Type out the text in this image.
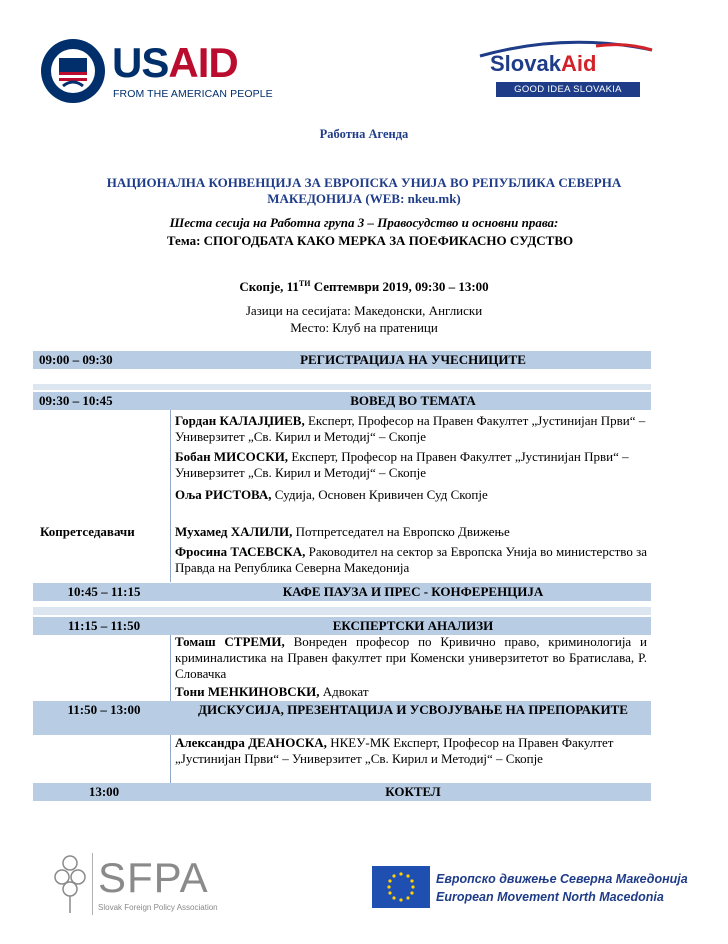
USAID
FROM THE AMERICAN PEOPLE
SlovakAid
GOOD IDEA SLOVAKIA
Работна Агенда
НАЦИОНАЛНА КОНВЕНЦИЈА ЗА ЕВРОПСКА УНИЈА ВО РЕПУБЛИКА СЕВЕРНА МАКЕДОНИЈА (WEB: nkeu.mk)
Шеста сесија на Работна група 3 – Правосудство и основни права:
Тема: СПОГОДБАТА КАКО МЕРКА ЗА ПОЕФИКАСНО СУДСТВО
Скопје, $11^{ТИ}$ Септември 2019, 09:30 – 13:00
Јазици на сесијата: Македонски, Англиски
Место: Клуб на пратеници
09:00 – 09:30	РЕГИСТРАЦИЈА НА УЧЕСНИЦИТЕ
09:30 – 10:45	ВОВЕД ВО ТЕМАТА
Гордан КАЛАЈЏИЕВ, Експерт, Професор на Правен Факултет „Јустинијан Први“ – Универзитет „Св. Кирил и Методиј“ – Скопје
Бобан МИСОСКИ, Експерт, Професор на Правен Факултет „Јустинијан Први“ – Универзитет „Св. Кирил и Методиј“ – Скопје
Оља РИСТОВА, Судија, Основен Кривичен Суд Скопје
Копретседавачи	Мухамед ХАЛИЛИ, Потпретседател на Европско Движење
Фросина ТАСЕВСКА, Раководител на сектор за Европска Унија во министерство за Правда на Република Северна Македонија
10:45 – 11:15	КАФЕ ПАУЗА И ПРЕС - КОНФЕРЕНЦИЈА
11:15 – 11:50	ЕКСПЕРТСКИ АНАЛИЗИ
Томаш СТРЕМИ, Вонреден професор по Кривично право, криминологија и криминалистика на Правен факултет при Коменски универзитетот во Братислава, Р. Словачка
Тони МЕНКИНОВСКИ, Адвокат
11:50 – 13:00	ДИСКУСИЈА, ПРЕЗЕНТАЦИЈА И УСВОЈУВАЊЕ НА ПРЕПОРАКИТЕ
Александра ДЕАНОСКА, НКЕУ-МК Експерт, Професор на Правен Факултет „Јустинијан Први“ – Универзитет „Св. Кирил и Методиј“ – Скопје
13:00	КОКТЕЛ
SFPA
Slovak Foreign Policy Association
Европско движење Северна Македонија
European Movement North Macedonia
